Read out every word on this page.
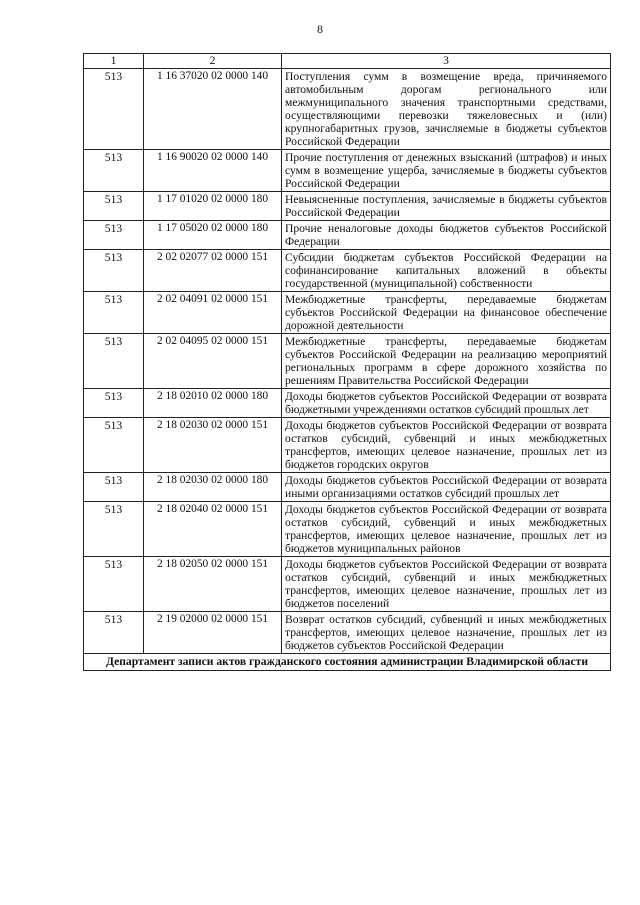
8
1	2	3
513	1 16 37020 02 0000 140	Поступления сумм в возмещение вреда, причиняемого автомобильным дорогам регионального или межмуниципального значения транспортными средствами, осуществляющими перевозки тяжеловесных и (или) крупногабаритных грузов, зачисляемые в бюджеты субъектов Российской Федерации
513	1 16 90020 02 0000 140	Прочие поступления от денежных взысканий (штрафов) и иных сумм в возмещение ущерба, зачисляемые в бюджеты субъектов Российской Федерации
513	1 17 01020 02 0000 180	Невыясненные поступления, зачисляемые в бюджеты субъектов Российской Федерации
513	1 17 05020 02 0000 180	Прочие неналоговые доходы бюджетов субъектов Российской Федерации
513	2 02 02077 02 0000 151	Субсидии бюджетам субъектов Российской Федерации на софинансирование капитальных вложений в объекты государственной (муниципальной) собственности
513	2 02 04091 02 0000 151	Межбюджетные трансферты, передаваемые бюджетам субъектов Российской Федерации на финансовое обеспечение дорожной деятельности
513	2 02 04095 02 0000 151	Межбюджетные трансферты, передаваемые бюджетам субъектов Российской Федерации на реализацию мероприятий региональных программ в сфере дорожного хозяйства по решениям Правительства Российской Федерации
513	2 18 02010 02 0000 180	Доходы бюджетов субъектов Российской Федерации от возврата бюджетными учреждениями остатков субсидий прошлых лет
513	2 18 02030 02 0000 151	Доходы бюджетов субъектов Российской Федерации от возврата остатков субсидий, субвенций и иных межбюджетных трансфертов, имеющих целевое назначение, прошлых лет из бюджетов городских округов
513	2 18 02030 02 0000 180	Доходы бюджетов субъектов Российской Федерации от возврата иными организациями остатков субсидий прошлых лет
513	2 18 02040 02 0000 151	Доходы бюджетов субъектов Российской Федерации от возврата остатков субсидий, субвенций и иных межбюджетных трансфертов, имеющих целевое назначение, прошлых лет из бюджетов муниципальных районов
513	2 18 02050 02 0000 151	Доходы бюджетов субъектов Российской Федерации от возврата остатков субсидий, субвенций и иных межбюджетных трансфертов, имеющих целевое назначение, прошлых лет из бюджетов поселений
513	2 19 02000 02 0000 151	Возврат остатков субсидий, субвенций и иных межбюджетных трансфертов, имеющих целевое назначение, прошлых лет из бюджетов субъектов Российской Федерации
Департамент записи актов гражданского состояния администрации Владимирской области		
